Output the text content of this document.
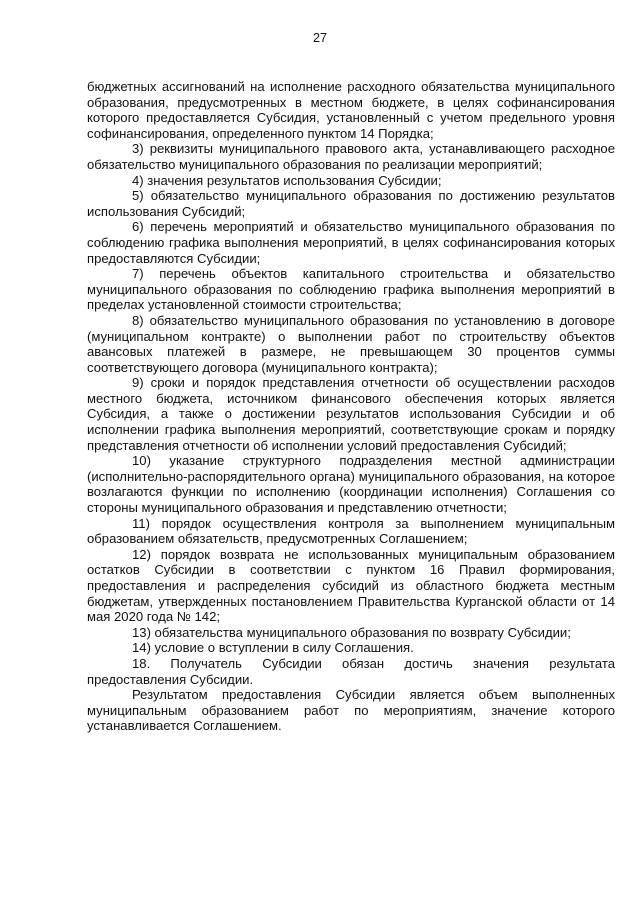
27

бюджетных ассигнований на исполнение расходного обязательства муниципального образования, предусмотренных в местном бюджете, в целях софинансирования которого предоставляется Субсидия, установленный с учетом предельного уровня софинансирования, определенного пунктом 14 Порядка;

3) реквизиты муниципального правового акта, устанавливающего расходное обязательство муниципального образования по реализации мероприятий;

4) значения результатов использования Субсидии;

5) обязательство муниципального образования по достижению результатов использования Субсидий;

6) перечень мероприятий и обязательство муниципального образования по соблюдению графика выполнения мероприятий, в целях софинансирования которых предоставляются Субсидии;

7) перечень объектов капитального строительства и обязательство муниципального образования по соблюдению графика выполнения мероприятий в пределах установленной стоимости строительства;

8) обязательство муниципального образования по установлению в договоре (муниципальном контракте) о выполнении работ по строительству объектов авансовых платежей в размере, не превышающем 30 процентов суммы соответствующего договора (муниципального контракта);

9) сроки и порядок представления отчетности об осуществлении расходов местного бюджета, источником финансового обеспечения которых является Субсидия, а также о достижении результатов использования Субсидии и об исполнении графика выполнения мероприятий, соответствующие срокам и порядку представления отчетности об исполнении условий предоставления Субсидий;

10) указание структурного подразделения местной администрации (исполнительно-распорядительного органа) муниципального образования, на которое возлагаются функции по исполнению (координации исполнения) Соглашения со стороны муниципального образования и представлению отчетности;

11) порядок осуществления контроля за выполнением муниципальным образованием обязательств, предусмотренных Соглашением;

12) порядок возврата не использованных муниципальным образованием остатков Субсидии в соответствии с пунктом 16 Правил формирования, предоставления и распределения субсидий из областного бюджета местным бюджетам, утвержденных постановлением Правительства Курганской области от 14 мая 2020 года № 142;

13) обязательства муниципального образования по возврату Субсидии;

14) условие о вступлении в силу Соглашения.

18. Получатель Субсидии обязан достичь значения результата предоставления Субсидии.

Результатом предоставления Субсидии является объем выполненных муниципальным образованием работ по мероприятиям, значение которого устанавливается Соглашением.
